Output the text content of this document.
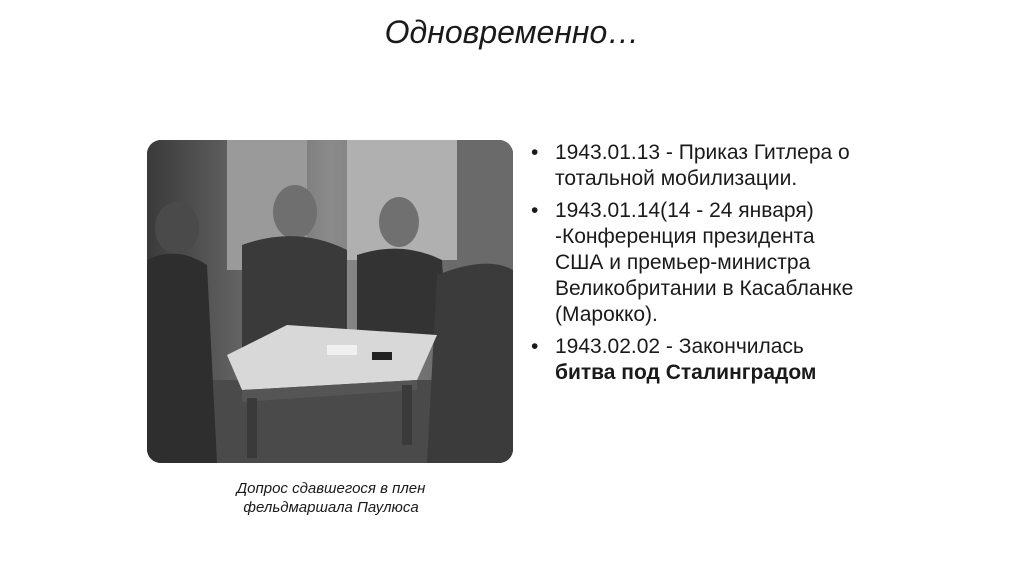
Одновременно…
Допрос сдавшегося в плен
фельдмаршала Паулюса
• 1943.01.13 - Приказ Гитлера о тотальной мобилизации.
• 1943.01.14(14 - 24 января) -Конференция президента США и премьер-министра Великобритании в Касабланке (Марокко).
• 1943.02.02 - Закончилась битва под Сталинградом
